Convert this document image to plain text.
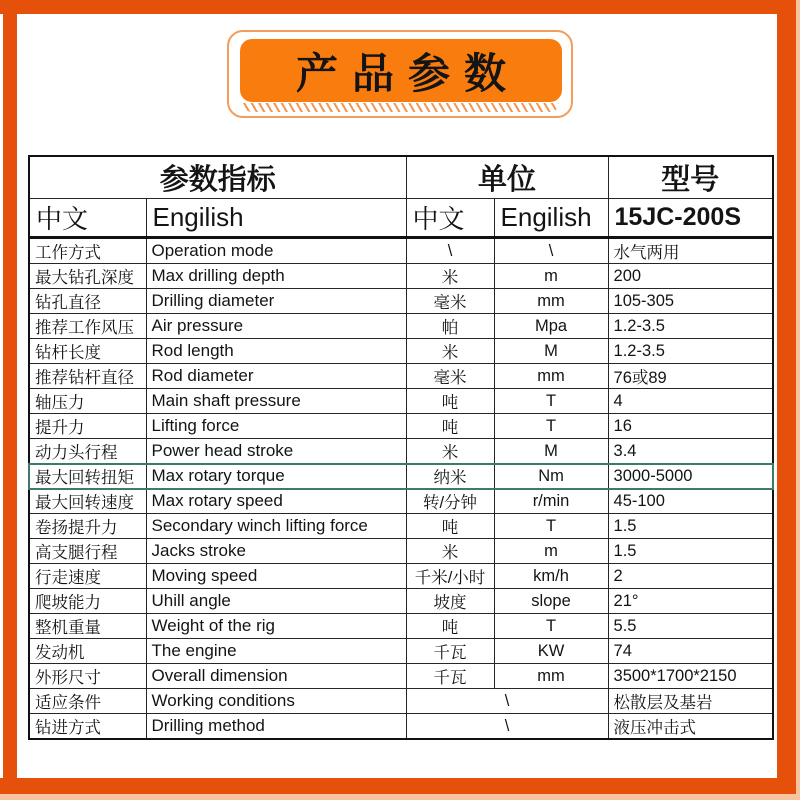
产品参数
参数指标		单位		型号
中文	Engilish	中文	Engilish	15JC-200S
工作方式	Operation mode	\	\	水气两用
最大钻孔深度	Max drilling depth	米	m	200
钻孔直径	Drilling diameter	毫米	mm	105-305
推荐工作风压	Air pressure	帕	Mpa	1.2-3.5
钻杆长度	Rod length	米	M	1.2-3.5
推荐钻杆直径	Rod diameter	毫米	mm	76或89
轴压力	Main shaft pressure	吨	T	4
提升力	Lifting force	吨	T	16
动力头行程	Power head stroke	米	M	3.4
最大回转扭矩	Max rotary torque	纳米	Nm	3000-5000
最大回转速度	Max rotary speed	转/分钟	r/min	45-100
卷扬提升力	Secondary winch lifting force	吨	T	1.5
高支腿行程	Jacks stroke	米	m	1.5
行走速度	Moving speed	千米/小时	km/h	2
爬坡能力	Uhill angle	坡度	slope	21°
整机重量	Weight of the rig	吨	T	5.5
发动机	The engine	千瓦	KW	74
外形尺寸	Overall dimension	千瓦	mm	3500*1700*2150
适应条件	Working conditions	\		松散层及基岩
钻进方式	Drilling method	\		液压冲击式
